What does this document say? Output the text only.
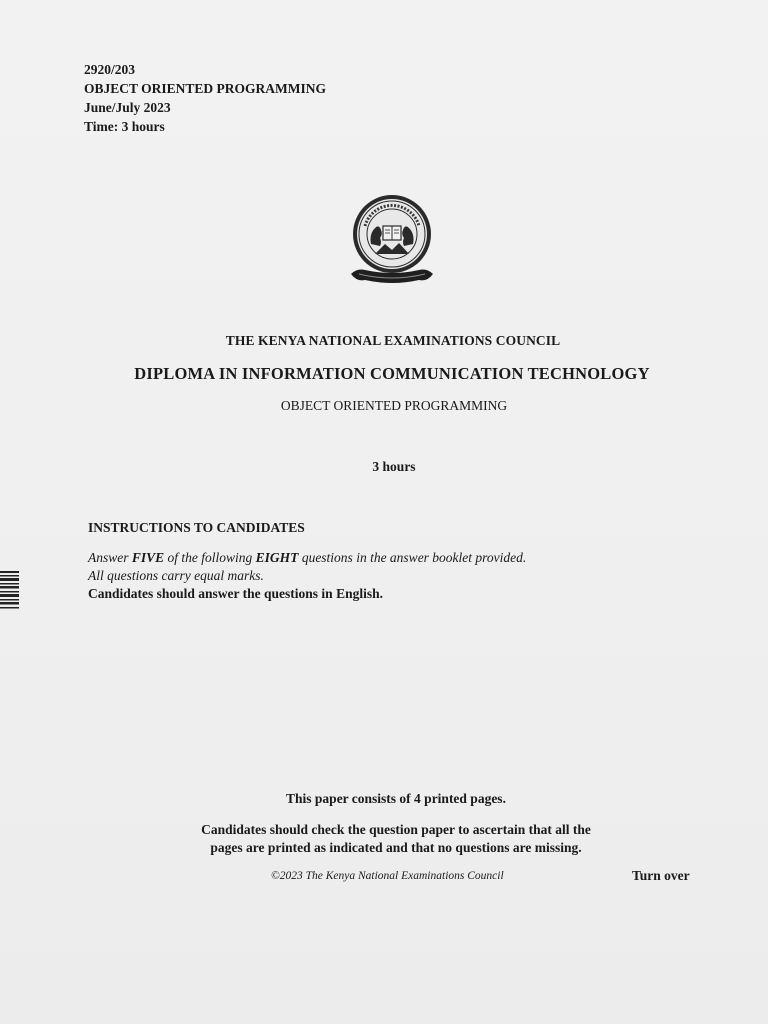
2920/203
OBJECT ORIENTED PROGRAMMING
June/July 2023
Time: 3 hours
THE KENYA NATIONAL EXAMINATIONS COUNCIL
DIPLOMA IN INFORMATION COMMUNICATION TECHNOLOGY
OBJECT ORIENTED PROGRAMMING
3 hours
INSTRUCTIONS TO CANDIDATES
Answer FIVE of the following EIGHT questions in the answer booklet provided.
All questions carry equal marks.
Candidates should answer the questions in English.
This paper consists of 4 printed pages.
Candidates should check the question paper to ascertain that all the
pages are printed as indicated and that no questions are missing.
©2023 The Kenya National Examinations Council	Turn over
